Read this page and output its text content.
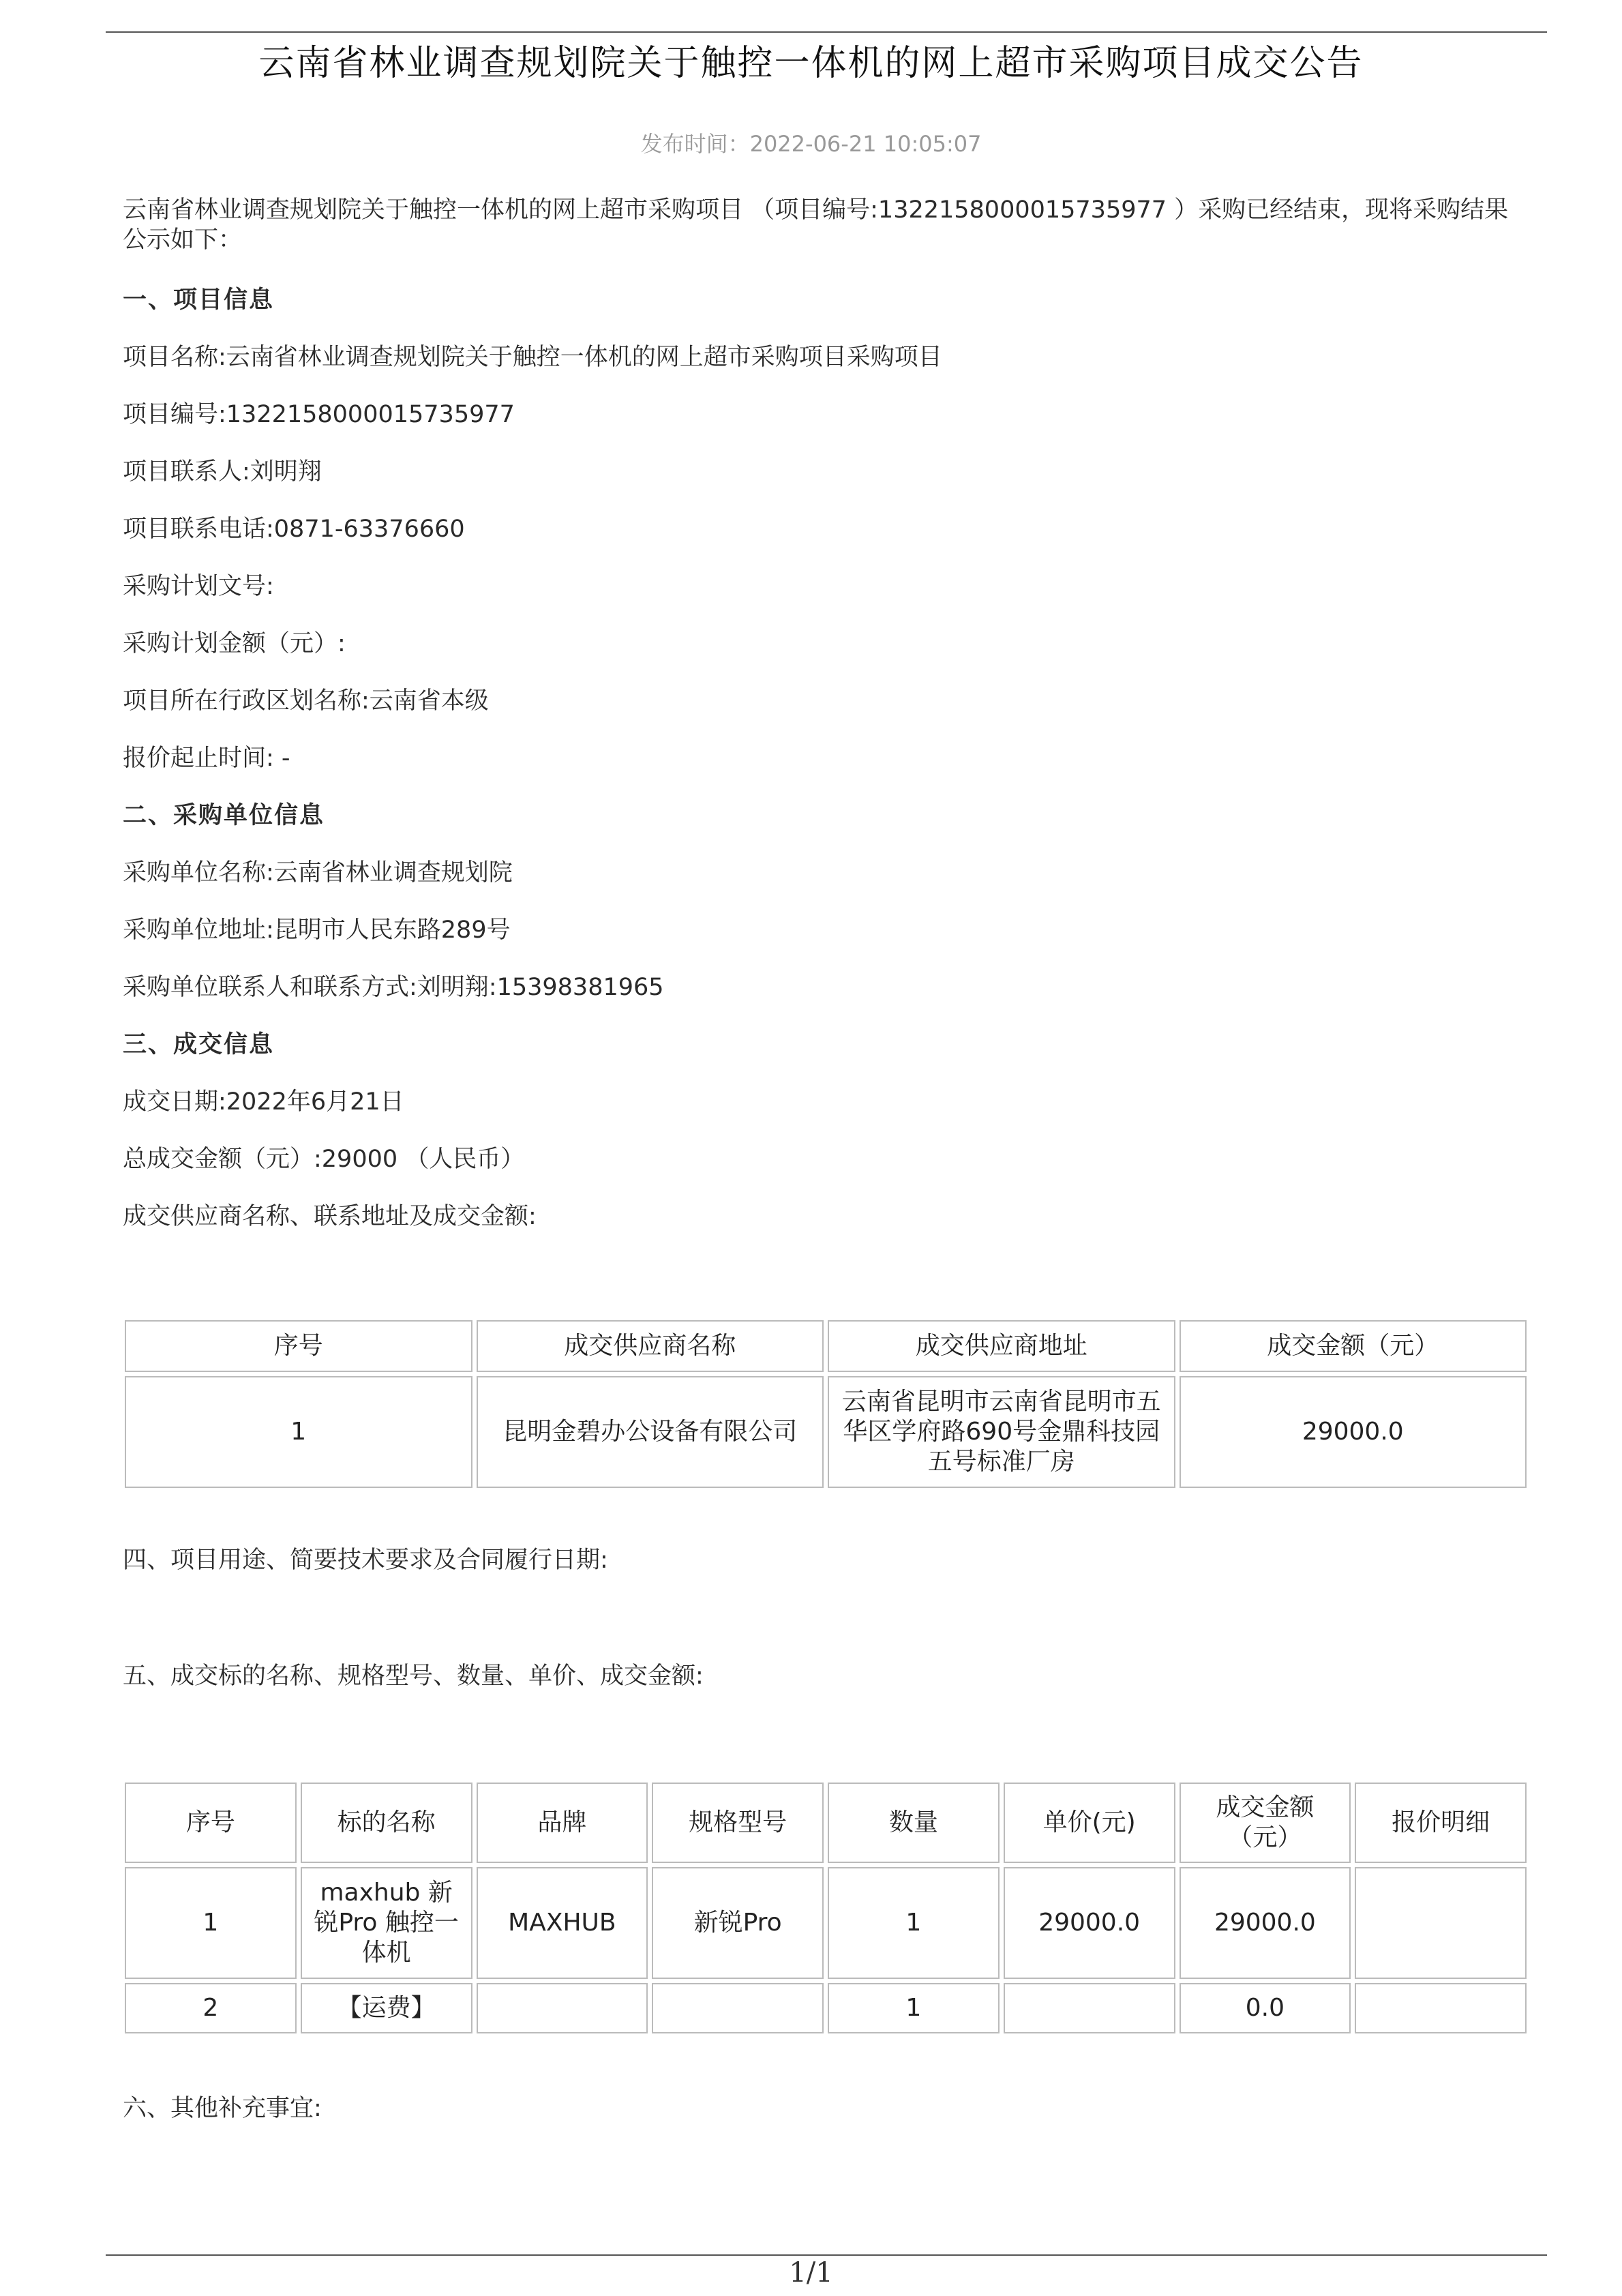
云南省林业调查规划院关于触控一体机的网上超市采购项目成交公告
发布时间：2022-06-21 10:05:07
云南省林业调查规划院关于触控一体机的网上超市采购项目 （项目编号:1322158000015735977 ）采购已经结束，现将采购结果公示如下：
一、项目信息
项目名称:云南省林业调查规划院关于触控一体机的网上超市采购项目采购项目
项目编号:1322158000015735977
项目联系人:刘明翔
项目联系电话:0871-63376660
采购计划文号:
采购计划金额（元）:
项目所在行政区划名称:云南省本级
报价起止时间: -
二、采购单位信息
采购单位名称:云南省林业调查规划院
采购单位地址:昆明市人民东路289号
采购单位联系人和联系方式:刘明翔:15398381965
三、成交信息
成交日期:2022年6月21日
总成交金额（元）:29000 （人民币）
成交供应商名称、联系地址及成交金额:
序号	成交供应商名称	成交供应商地址	成交金额（元）
1	昆明金碧办公设备有限公司	云南省昆明市云南省昆明市五华区学府路690号金鼎科技园五号标准厂房	29000.0
四、项目用途、简要技术要求及合同履行日期:
五、成交标的名称、规格型号、数量、单价、成交金额:
序号	标的名称	品牌	规格型号	数量	单价(元)	成交金额（元）	报价明细
1	maxhub 新锐Pro 触控一体机	MAXHUB	新锐Pro	1	29000.0	29000.0	
2	【运费】			1		0.0	
六、其他补充事宜:
1/1
